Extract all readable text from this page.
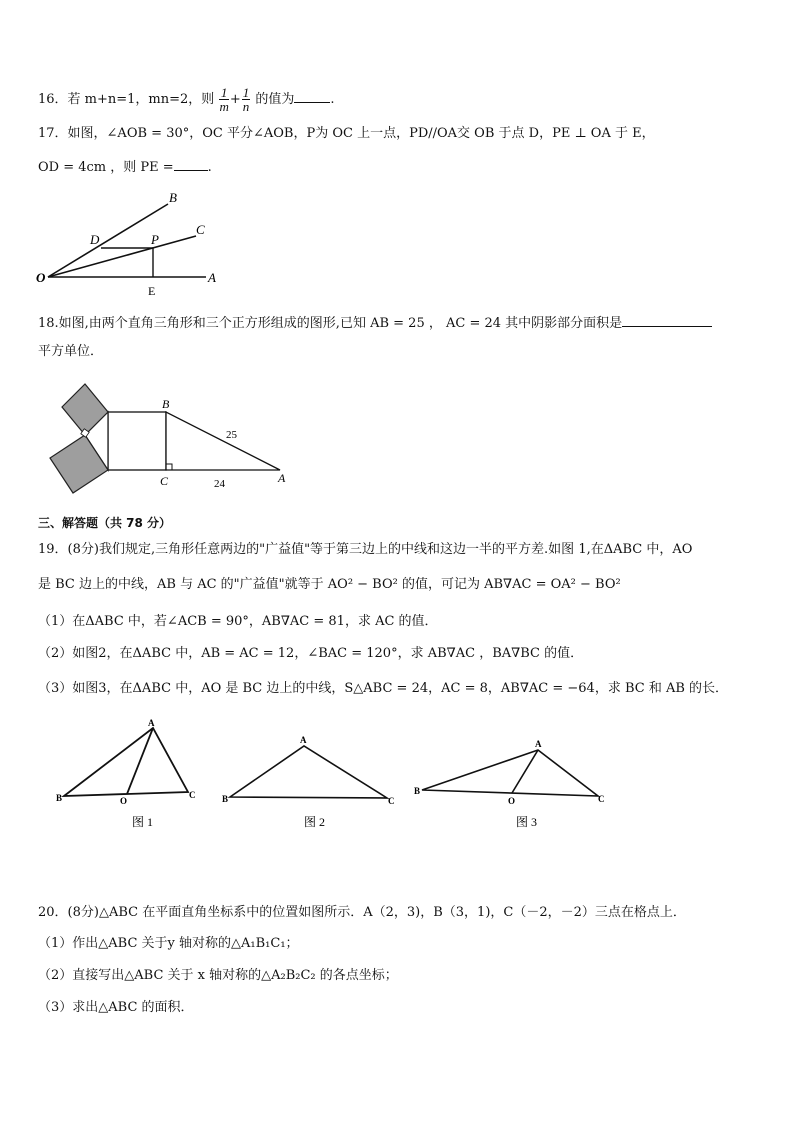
16．若 m+n=1，mn=2，则 $\frac{1}{m} + \frac{1}{n}$ 的值为	.
17．如图，∠AOB = 30°，OC 平分∠AOB，P为 OC 上一点，PD//OA交 OB 于点 D，PE ⊥ OA 于 E，
OD = 4cm ，则 PE =	.
O	A
B
C
D	P
E
18.如图,由两个直角三角形和三个正方形组成的图形,已知 AB = 25 ， AC = 24 其中阴影部分面积是
平方单位．
B
C	A
25
24
三、解答题（共 78 分）
19．(8分)我们规定,三角形任意两边的"广益值"等于第三边上的中线和这边一半的平方差.如图 1,在ΔABC 中，AO
是 BC 边上的中线，AB 与 AC 的"广益值"就等于 AO² − BO² 的值，可记为 AB∇AC = OA² − BO²
（1）在ΔABC 中，若∠ACB = 90°，AB∇AC = 81，求 AC 的值．
（2）如图2，在ΔABC 中，AB = AC = 12，∠BAC = 120°，求 AB∇AC ，BA∇BC 的值．
（3）如图3，在ΔABC 中，AO 是 BC 边上的中线，S△ABC = 24，AC = 8，AB∇AC = −64，求 BC 和 AB 的长．
A
B	O
C
图 1
A
B	C
图 2
A
B
O	C
图 3
20．(8分)△ABC 在平面直角坐标系中的位置如图所示．A（2，3)，B（3，1)，C（－2，－2）三点在格点上．
（1）作出△ABC 关于y 轴对称的△A₁B₁C₁；
（2）直接写出△ABC 关于 x 轴对称的△A₂B₂C₂ 的各点坐标；
（3）求出△ABC 的面积．
